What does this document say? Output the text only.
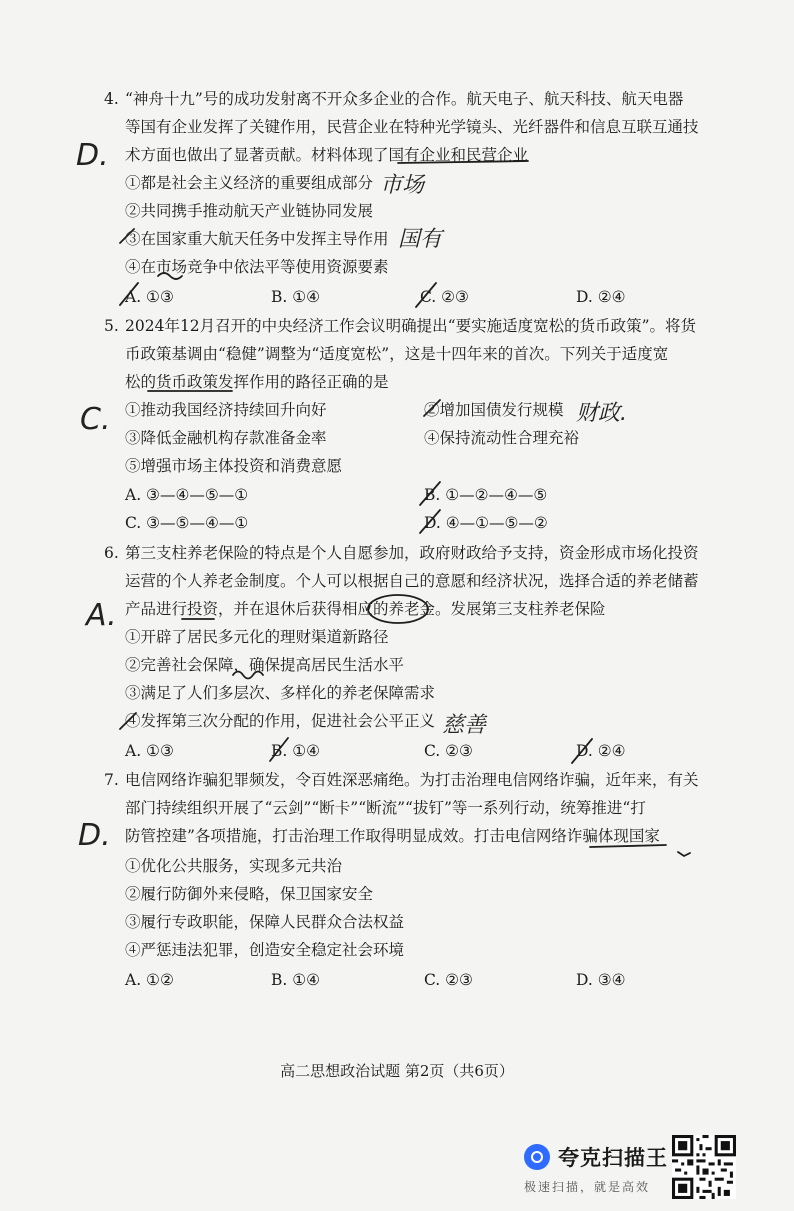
4. “神舟十九”号的成功发射离不开众多企业的合作。航天电子、航天科技、航天电器
等国有企业发挥了关键作用，民营企业在特种光学镜头、光纤器件和信息互联互通技
术方面也做出了显著贡献。材料体现了国有企业和民营企业
①都是社会主义经济的重要组成部分
②共同携手推动航天产业链协同发展
③在国家重大航天任务中发挥主导作用
④在市场竞争中依法平等使用资源要素
A. ①③	B. ①④	C. ②③	D. ②④
5. 2024年12月召开的中央经济工作会议明确提出“要实施适度宽松的货币政策”。将货
币政策基调由“稳健”调整为“适度宽松”，这是十四年来的首次。下列关于适度宽
松的货币政策发挥作用的路径正确的是
①推动我国经济持续回升向好	②增加国债发行规模
③降低金融机构存款准备金率	④保持流动性合理充裕
⑤增强市场主体投资和消费意愿
A. ③—④—⑤—①	B. ①—②—④—⑤
C. ③—⑤—④—①	D. ④—①—⑤—②
6. 第三支柱养老保险的特点是个人自愿参加，政府财政给予支持，资金形成市场化投资
运营的个人养老金制度。个人可以根据自己的意愿和经济状况，选择合适的养老储蓄
产品进行投资，并在退休后获得相应的养老金。发展第三支柱养老保险
①开辟了居民多元化的理财渠道新路径
②完善社会保障，确保提高居民生活水平
③满足了人们多层次、多样化的养老保障需求
④发挥第三次分配的作用，促进社会公平正义
A. ①③	B. ①④	C. ②③	D. ②④
7. 电信网络诈骗犯罪频发，令百姓深恶痛绝。为打击治理电信网络诈骗，近年来，有关
部门持续组织开展了“云剑”“断卡”“断流”“拔钉”等一系列行动，统筹推进“打
防管控建”各项措施，打击治理工作取得明显成效。打击电信网络诈骗体现国家
①优化公共服务，实现多元共治
②履行防御外来侵略，保卫国家安全
③履行专政职能，保障人民群众合法权益
④严惩违法犯罪，创造安全稳定社会环境
A. ①②	B. ①④	C. ②③	D. ③④
D.
市场
国有
C.	财政.
A.
慈善
D.
高二思想政治试题 第2页（共6页）
夸克扫描王
极速扫描，就是高效
